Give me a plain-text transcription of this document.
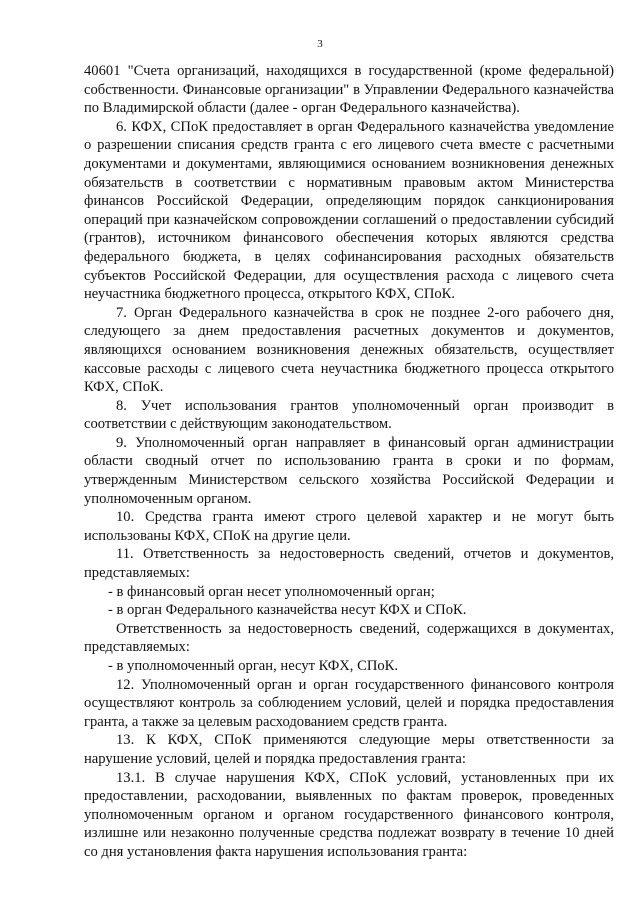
3

40601 "Счета организаций, находящихся в государственной (кроме федеральной) собственности. Финансовые организации" в Управлении Федерального казначейства по Владимирской области (далее - орган Федерального казначейства).

6. КФХ, СПоК предоставляет в орган Федерального казначейства уведомление о разрешении списания средств гранта с его лицевого счета вместе с расчетными документами и документами, являющимися основанием возникновения денежных обязательств в соответствии с нормативным правовым актом Министерства финансов Российской Федерации, определяющим порядок санкционирования операций при казначейском сопровождении соглашений о предоставлении субсидий (грантов), источником финансового обеспечения которых являются средства федерального бюджета, в целях софинансирования расходных обязательств субъектов Российской Федерации, для осуществления расхода с лицевого счета неучастника бюджетного процесса, открытого КФХ, СПоК.

7. Орган Федерального казначейства в срок не позднее 2-ого рабочего дня, следующего за днем предоставления расчетных документов и документов, являющихся основанием возникновения денежных обязательств, осуществляет кассовые расходы с лицевого счета неучастника бюджетного процесса открытого КФХ, СПоК.

8. Учет использования грантов уполномоченный орган производит в соответствии с действующим законодательством.

9. Уполномоченный орган направляет в финансовый орган администрации области сводный отчет по использованию гранта в сроки и по формам, утвержденным Министерством сельского хозяйства Российской Федерации и уполномоченным органом.

10. Средства гранта имеют строго целевой характер и не могут быть использованы КФХ, СПоК на другие цели.

11. Ответственность за недостоверность сведений, отчетов и документов, представляемых:

- в финансовый орган несет уполномоченный орган;

- в орган Федерального казначейства несут КФХ и СПоК.

Ответственность за недостоверность сведений, содержащихся в документах, представляемых:

- в уполномоченный орган, несут КФХ, СПоК.

12. Уполномоченный орган и орган государственного финансового контроля осуществляют контроль за соблюдением условий, целей и порядка предоставления гранта, а также за целевым расходованием средств гранта.

13. К КФХ, СПоК применяются следующие меры ответственности за нарушение условий, целей и порядка предоставления гранта:

13.1. В случае нарушения КФХ, СПоК условий, установленных при их предоставлении, расходовании, выявленных по фактам проверок, проведенных уполномоченным органом и органом государственного финансового контроля, излишне или незаконно полученные средства подлежат возврату в течение 10 дней со дня установления факта нарушения использования гранта:
